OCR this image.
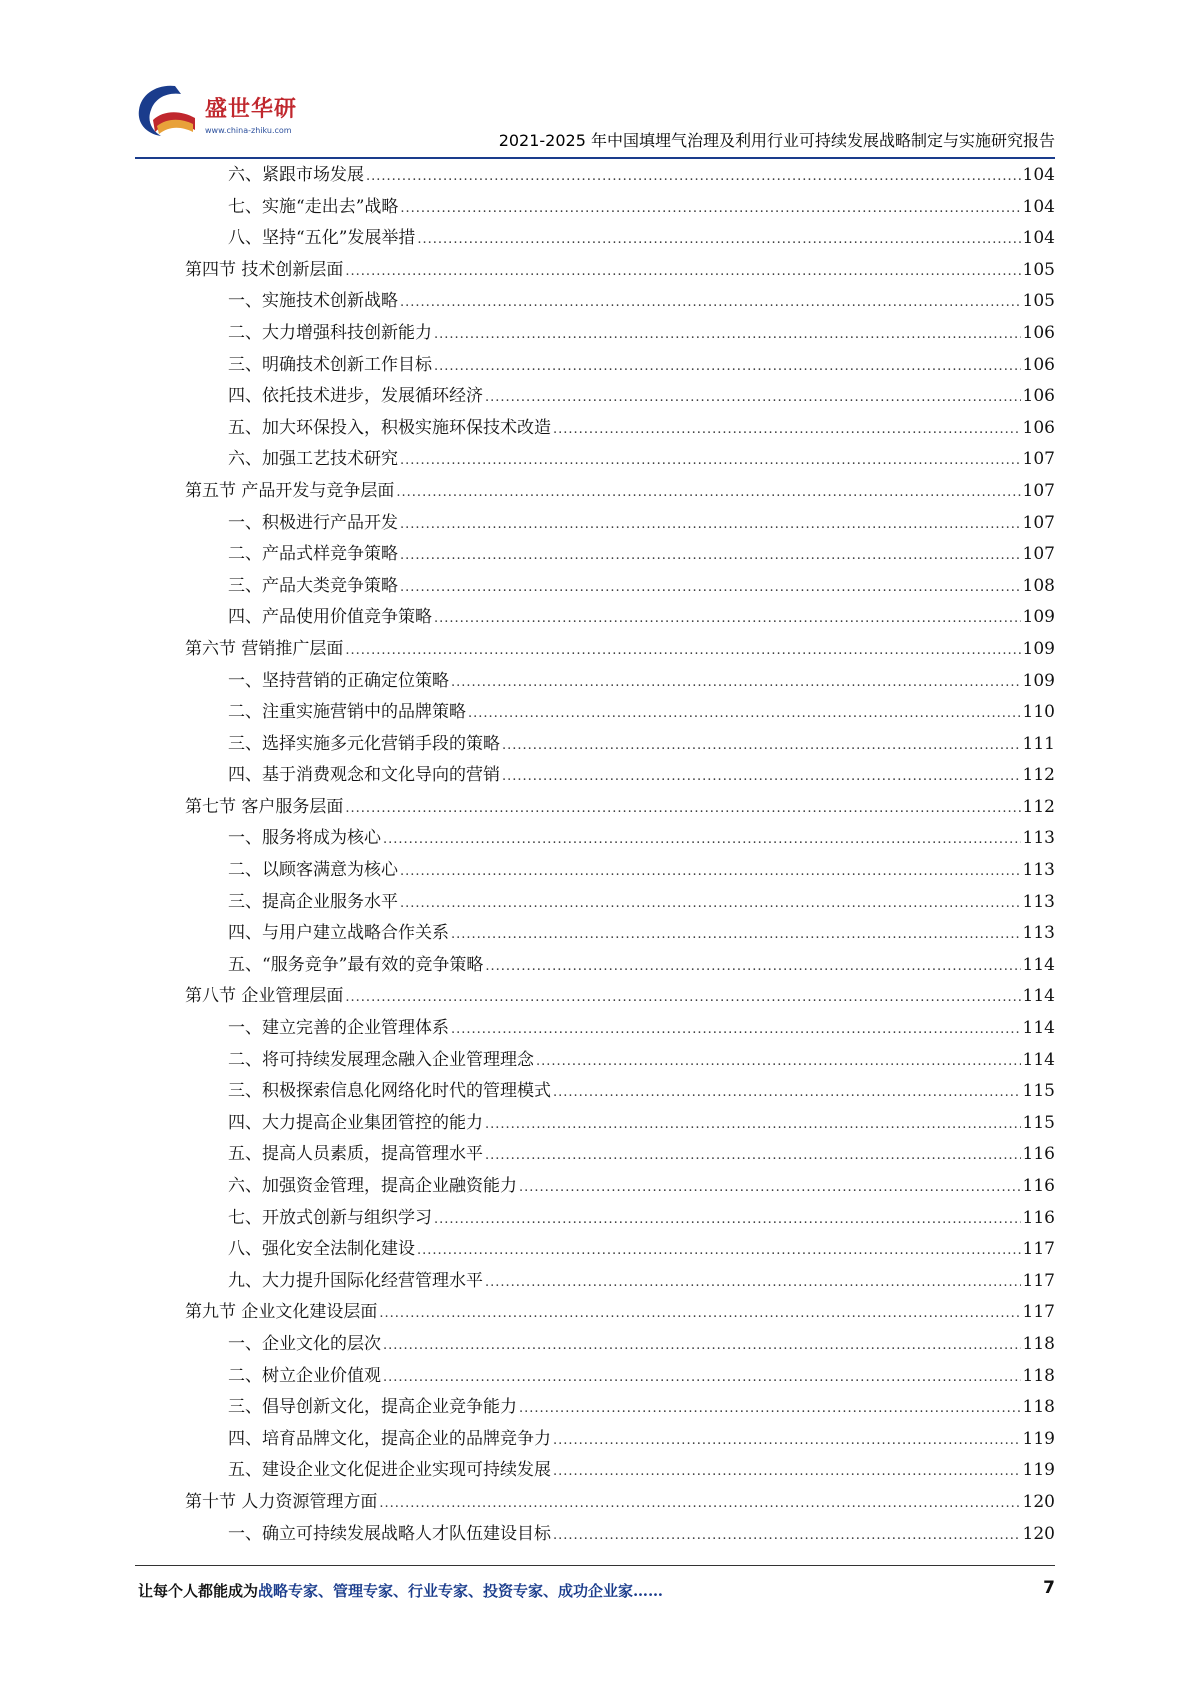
盛世华研
www.china-zhiku.com
2021-2025 年中国填埋气治理及利用行业可持续发展战略制定与实施研究报告
六、紧跟市场发展 .....	104
七、实施“走出去”战略 .....	104
八、坚持“五化”发展举措 .....	104
第四节 技术创新层面 .....	105
一、实施技术创新战略 .....	105
二、大力增强科技创新能力 .....	106
三、明确技术创新工作目标 .....	106
四、依托技术进步，发展循环经济 .....	106
五、加大环保投入，积极实施环保技术改造 .....	106
六、加强工艺技术研究 .....	107
第五节 产品开发与竞争层面 .....	107
一、积极进行产品开发 .....	107
二、产品式样竞争策略 .....	107
三、产品大类竞争策略 .....	108
四、产品使用价值竞争策略 .....	109
第六节 营销推广层面 .....	109
一、坚持营销的正确定位策略 .....	109
二、注重实施营销中的品牌策略 .....	110
三、选择实施多元化营销手段的策略 .....	111
四、基于消费观念和文化导向的营销 .....	112
第七节 客户服务层面 .....	112
一、服务将成为核心 .....	113
二、以顾客满意为核心 .....	113
三、提高企业服务水平 .....	113
四、与用户建立战略合作关系 .....	113
五、“服务竞争”最有效的竞争策略 .....	114
第八节 企业管理层面 .....	114
一、建立完善的企业管理体系 .....	114
二、将可持续发展理念融入企业管理理念 .....	114
三、积极探索信息化网络化时代的管理模式 .....	115
四、大力提高企业集团管控的能力 .....	115
五、提高人员素质，提高管理水平 .....	116
六、加强资金管理，提高企业融资能力 .....	116
七、开放式创新与组织学习 .....	116
八、强化安全法制化建设 .....	117
九、大力提升国际化经营管理水平 .....	117
第九节 企业文化建设层面 .....	117
一、企业文化的层次 .....	118
二、树立企业价值观 .....	118
三、倡导创新文化，提高企业竞争能力 .....	118
四、培育品牌文化，提高企业的品牌竞争力 .....	119
五、建设企业文化促进企业实现可持续发展 .....	119
第十节 人力资源管理方面 .....	120
一、确立可持续发展战略人才队伍建设目标 .....	120
让每个人都能成为战略专家、管理专家、行业专家、投资专家、成功企业家……	7
